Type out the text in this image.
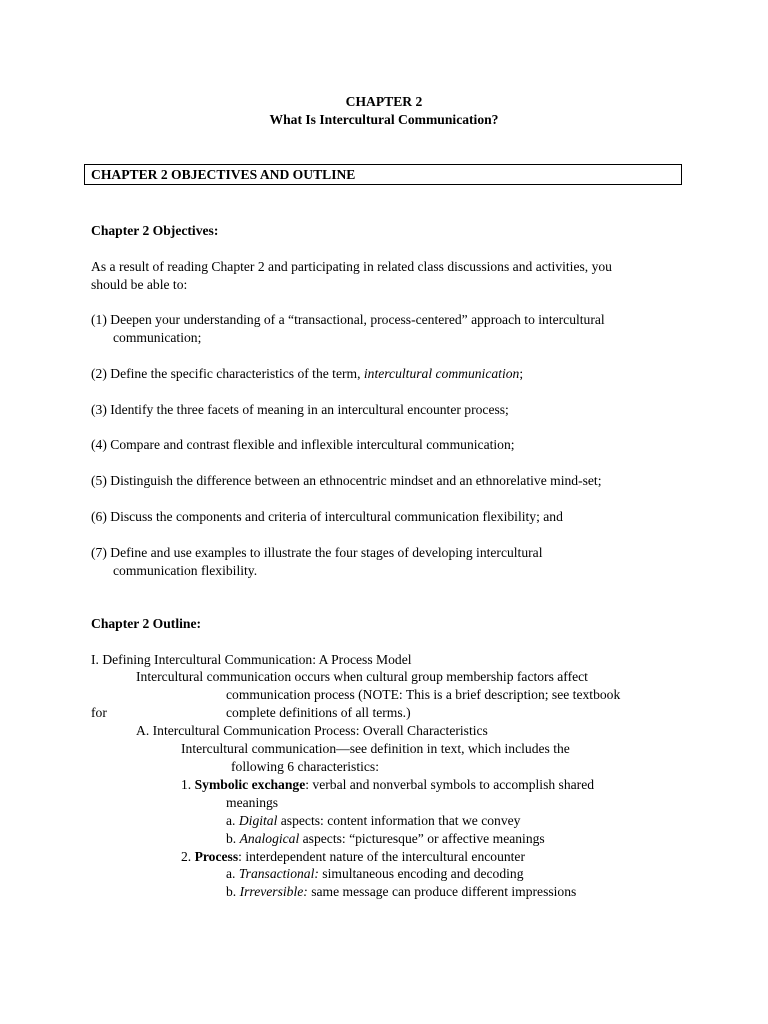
CHAPTER 2
What Is Intercultural Communication?
CHAPTER 2 OBJECTIVES AND OUTLINE
Chapter 2 Objectives:
As a result of reading Chapter 2 and participating in related class discussions and activities, you
should be able to:
(1) Deepen your understanding of a “transactional, process-centered” approach to intercultural
communication;
(2) Define the specific characteristics of the term, intercultural communication;
(3) Identify the three facets of meaning in an intercultural encounter process;
(4) Compare and contrast flexible and inflexible intercultural communication;
(5) Distinguish the difference between an ethnocentric mindset and an ethnorelative mind-set;
(6) Discuss the components and criteria of intercultural communication flexibility; and
(7) Define and use examples to illustrate the four stages of developing intercultural
communication flexibility.
Chapter 2 Outline:
I. Defining Intercultural Communication: A Process Model
Intercultural communication occurs when cultural group membership factors affect
communication process (NOTE: This is a brief description; see textbook
for	complete definitions of all terms.)
A. Intercultural Communication Process: Overall Characteristics
Intercultural communication—see definition in text, which includes the
following 6 characteristics:
1. Symbolic exchange: verbal and nonverbal symbols to accomplish shared
meanings
a. Digital aspects: content information that we convey
b. Analogical aspects: “picturesque” or affective meanings
2. Process: interdependent nature of the intercultural encounter
a. Transactional: simultaneous encoding and decoding
b. Irreversible: same message can produce different impressions
